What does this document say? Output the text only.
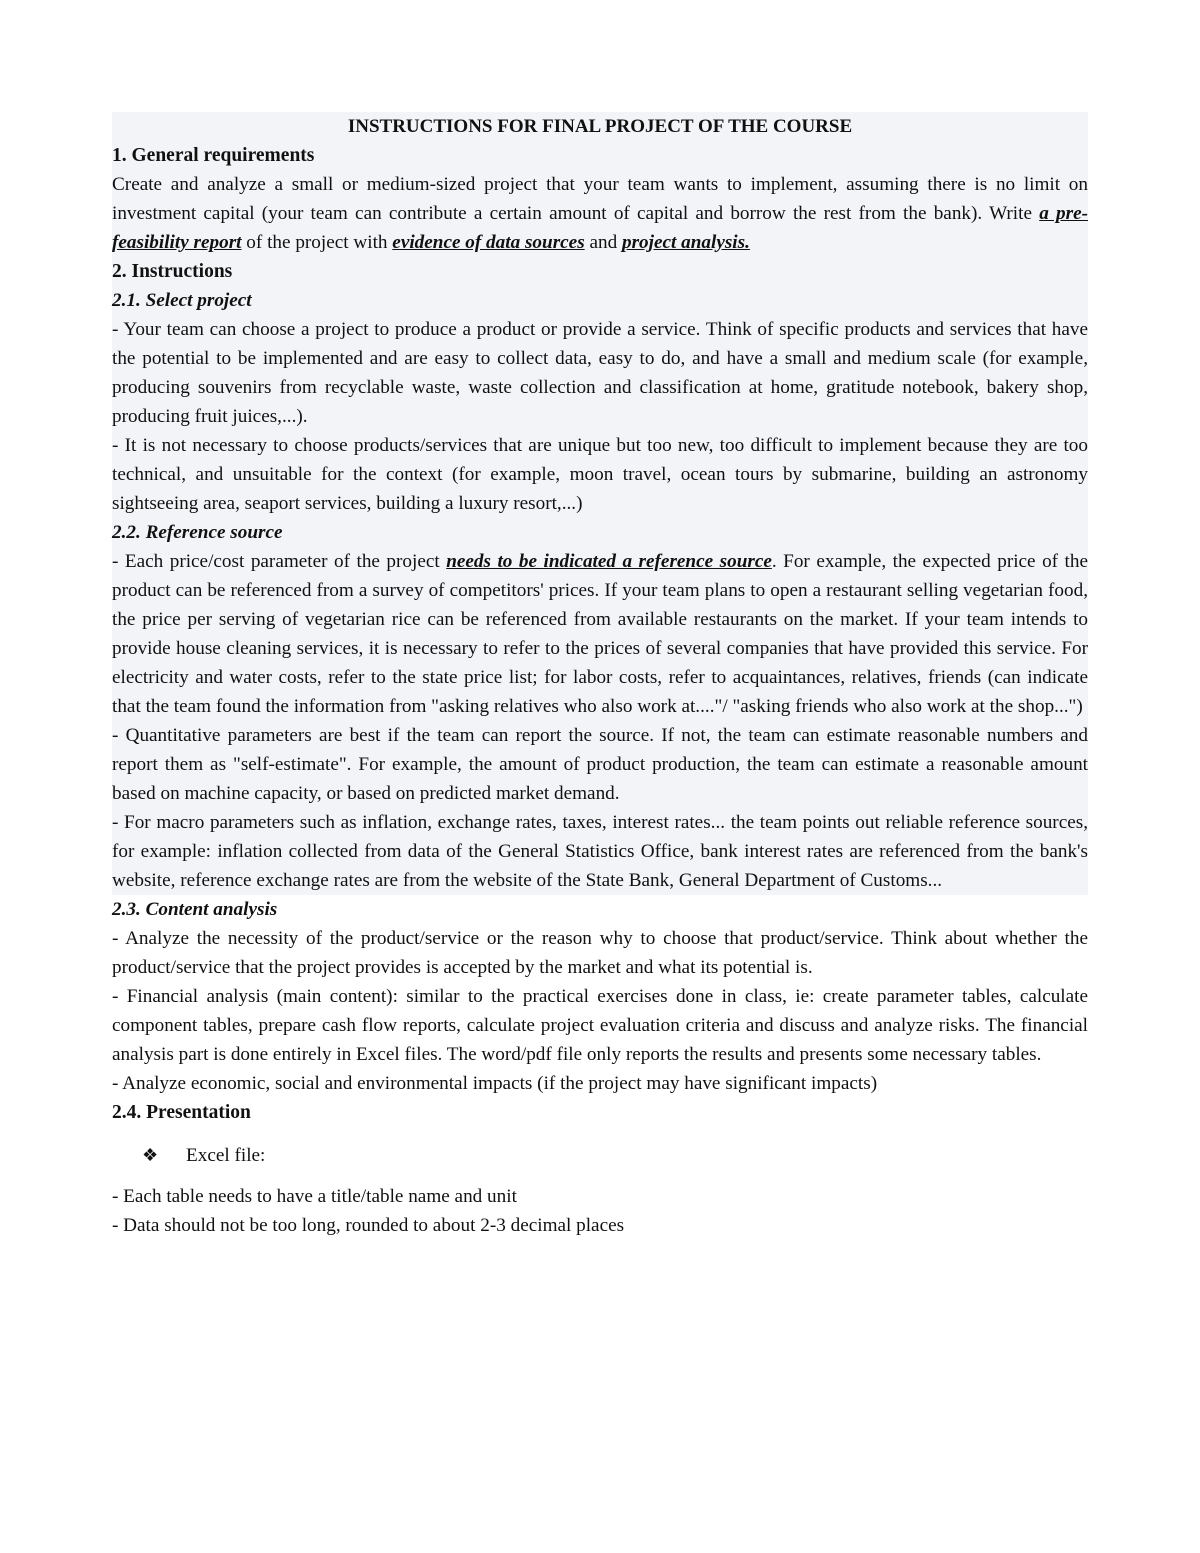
INSTRUCTIONS FOR FINAL PROJECT OF THE COURSE
1. General requirements
Create and analyze a small or medium-sized project that your team wants to implement, assuming there is no limit on investment capital (your team can contribute a certain amount of capital and borrow the rest from the bank). Write a pre-feasibility report of the project with evidence of data sources and project analysis.
2. Instructions
2.1. Select project
- Your team can choose a project to produce a product or provide a service. Think of specific products and services that have the potential to be implemented and are easy to collect data, easy to do, and have a small and medium scale (for example, producing souvenirs from recyclable waste, waste collection and classification at home, gratitude notebook, bakery shop, producing fruit juices,...).
- It is not necessary to choose products/services that are unique but too new, too difficult to implement because they are too technical, and unsuitable for the context (for example, moon travel, ocean tours by submarine, building an astronomy sightseeing area, seaport services, building a luxury resort,...)
2.2. Reference source
- Each price/cost parameter of the project needs to be indicated a reference source. For example, the expected price of the product can be referenced from a survey of competitors' prices. If your team plans to open a restaurant selling vegetarian food, the price per serving of vegetarian rice can be referenced from available restaurants on the market. If your team intends to provide house cleaning services, it is necessary to refer to the prices of several companies that have provided this service. For electricity and water costs, refer to the state price list; for labor costs, refer to acquaintances, relatives, friends (can indicate that the team found the information from "asking relatives who also work at...."/ "asking friends who also work at the shop...")
- Quantitative parameters are best if the team can report the source. If not, the team can estimate reasonable numbers and report them as "self-estimate". For example, the amount of product production, the team can estimate a reasonable amount based on machine capacity, or based on predicted market demand.
- For macro parameters such as inflation, exchange rates, taxes, interest rates... the team points out reliable reference sources, for example: inflation collected from data of the General Statistics Office, bank interest rates are referenced from the bank's website, reference exchange rates are from the website of the State Bank, General Department of Customs...
2.3. Content analysis
- Analyze the necessity of the product/service or the reason why to choose that product/service. Think about whether the product/service that the project provides is accepted by the market and what its potential is.
- Financial analysis (main content): similar to the practical exercises done in class, ie: create parameter tables, calculate component tables, prepare cash flow reports, calculate project evaluation criteria and discuss and analyze risks. The financial analysis part is done entirely in Excel files. The word/pdf file only reports the results and presents some necessary tables.
- Analyze economic, social and environmental impacts (if the project may have significant impacts)
2.4. Presentation
❖ Excel file:
- Each table needs to have a title/table name and unit
- Data should not be too long, rounded to about 2-3 decimal places
